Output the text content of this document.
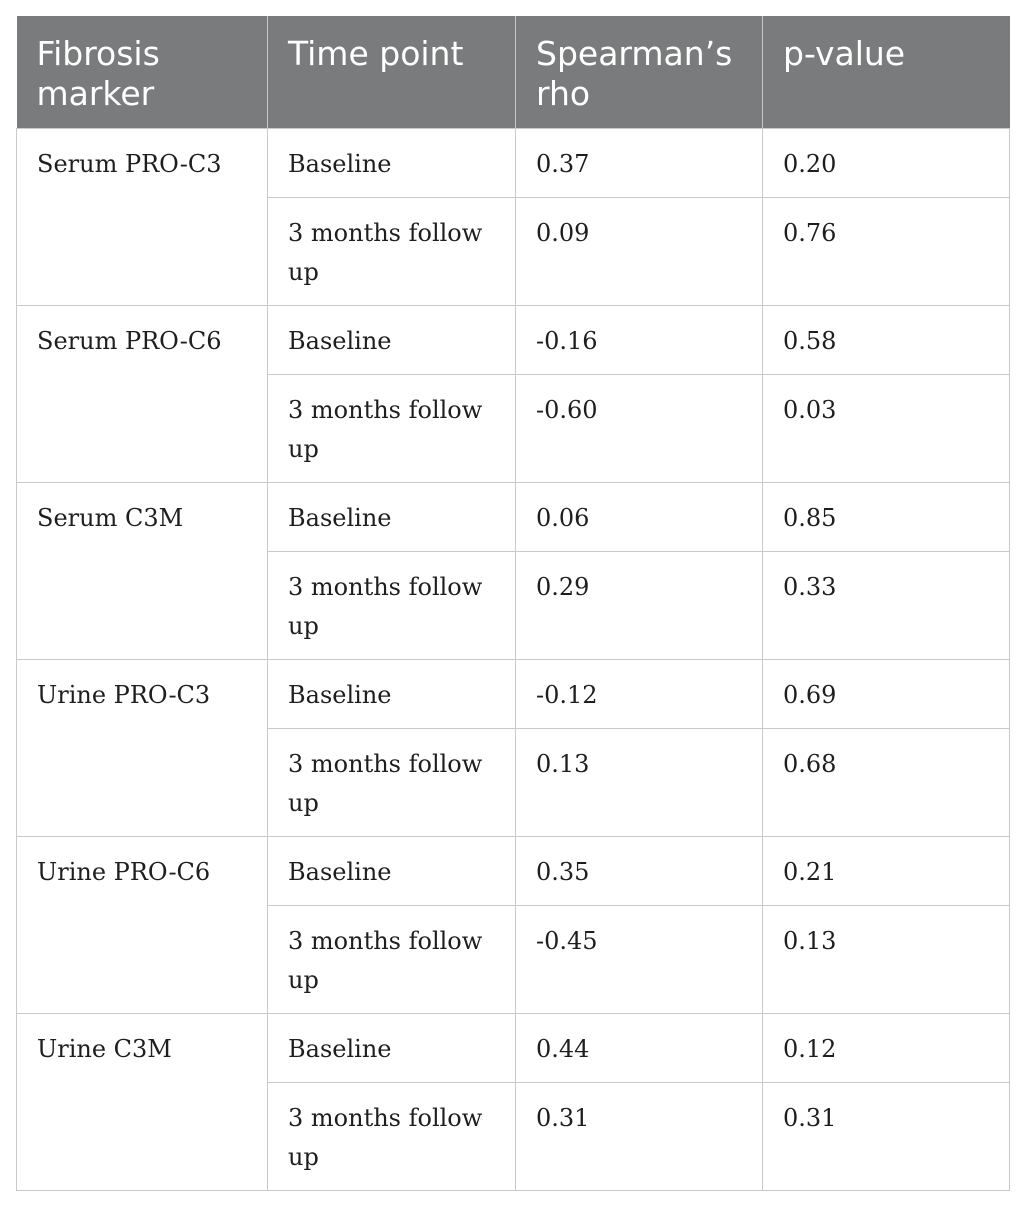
Fibrosis marker	Time point	Spearman’s rho	p-value
Serum PRO-C3	Baseline	0.37	0.20
	3 months follow up	0.09	0.76
Serum PRO-C6	Baseline	-0.16	0.58
	3 months follow up	-0.60	0.03
Serum C3M	Baseline	0.06	0.85
	3 months follow up	0.29	0.33
Urine PRO-C3	Baseline	-0.12	0.69
	3 months follow up	0.13	0.68
Urine PRO-C6	Baseline	0.35	0.21
	3 months follow up	-0.45	0.13
Urine C3M	Baseline	0.44	0.12
	3 months follow up	0.31	0.31
